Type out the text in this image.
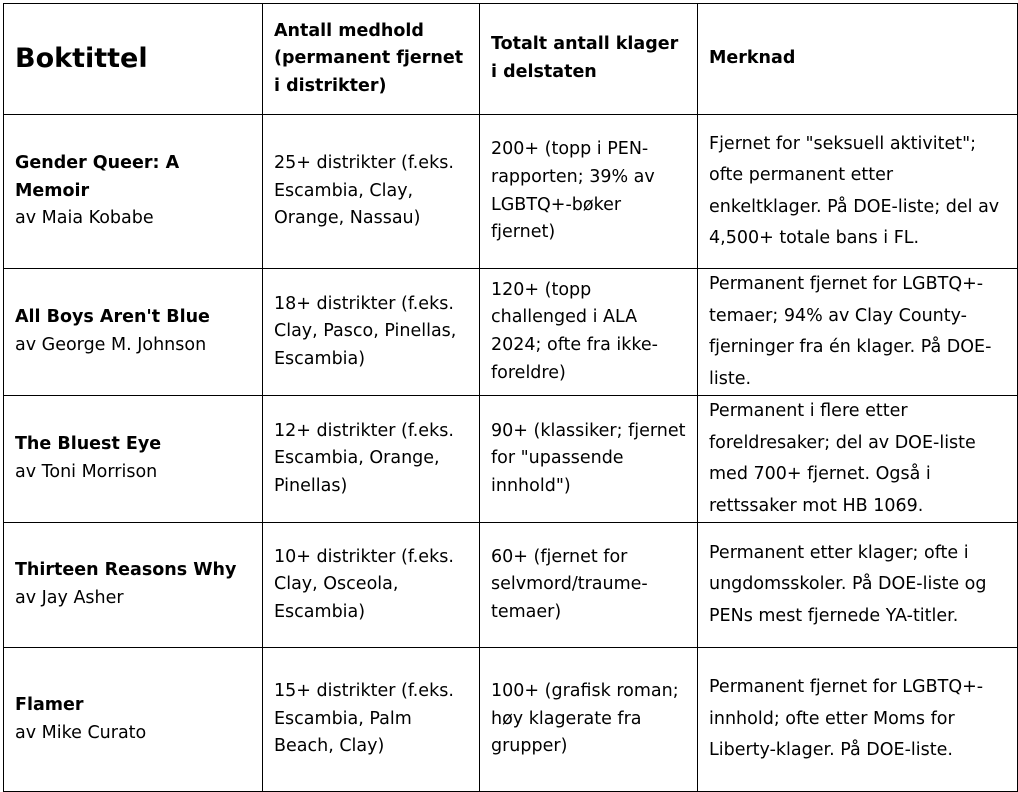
Boktittel	Antall medhold (permanent fjernet i distrikter)	Totalt antall klager i delstaten	Merknad

Gender Queer: A Memoir
av Maia Kobabe	25+ distrikter (f.eks. Escambia, Clay, Orange, Nassau)	200+ (topp i PEN-rapporten; 39% av LGBTQ+-bøker fjernet)	Fjernet for "seksuell aktivitet"; ofte permanent etter enkeltklager. På DOE-liste; del av 4,500+ totale bans i FL.

All Boys Aren't Blue
av George M. Johnson	18+ distrikter (f.eks. Clay, Pasco, Pinellas, Escambia)	120+ (topp challenged i ALA 2024; ofte fra ikke-foreldre)	Permanent fjernet for LGBTQ+-temaer; 94% av Clay County-fjerninger fra én klager. På DOE-liste.

The Bluest Eye
av Toni Morrison	12+ distrikter (f.eks. Escambia, Orange, Pinellas)	90+ (klassiker; fjernet for "upassende innhold")	Permanent i flere etter foreldresaker; del av DOE-liste med 700+ fjernet. Også i rettssaker mot HB 1069.

Thirteen Reasons Why
av Jay Asher	10+ distrikter (f.eks. Clay, Osceola, Escambia)	60+ (fjernet for selvmord/traume-temaer)	Permanent etter klager; ofte i ungdomsskoler. På DOE-liste og PENs mest fjernede YA-titler.

Flamer
av Mike Curato	15+ distrikter (f.eks. Escambia, Palm Beach, Clay)	100+ (grafisk roman; høy klagerate fra grupper)	Permanent fjernet for LGBTQ+-innhold; ofte etter Moms for Liberty-klager. På DOE-liste.
